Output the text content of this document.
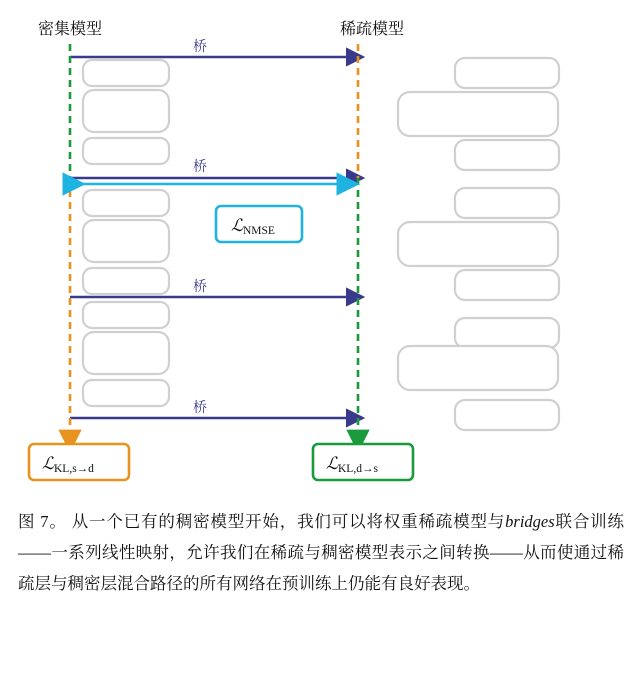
密集模型	稀疏模型
桥
桥
桥
桥
ℒ NMSE
ℒ KL,s→d	ℒ KL,d→s
图 7。 从一个已有的稠密模型开始，我们可以将权重稀疏模型与bridges联合训练——一系列线性映射，允许我们在稀疏与稠密模型表示之间转换——从而使通过稀疏层与稠密层混合路径的所有网络在预训练上仍能有良好表现。
